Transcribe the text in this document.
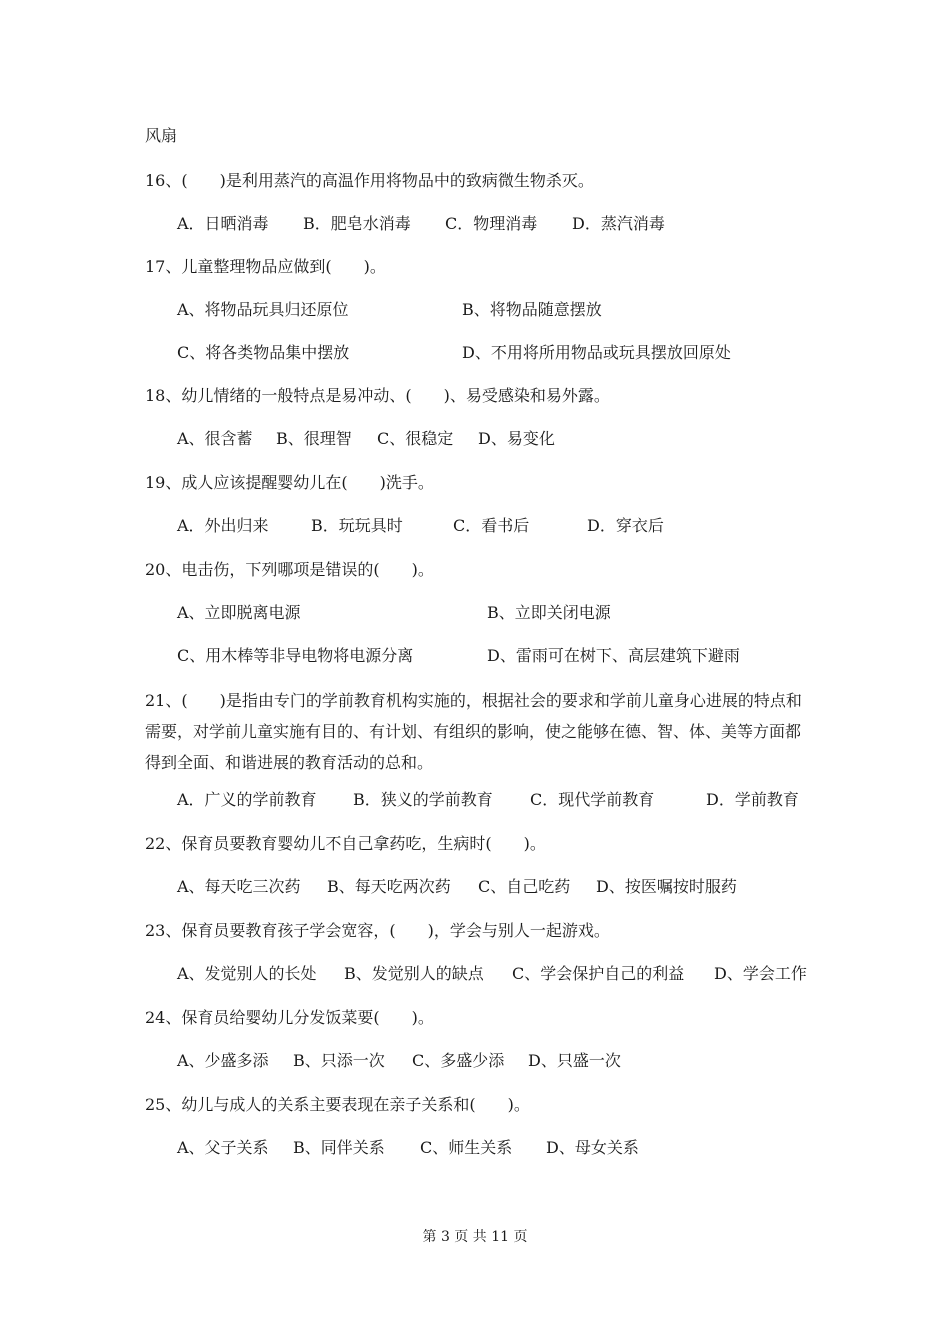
风扇
16、(　　)是利用蒸汽的高温作用将物品中的致病微生物杀灭。
A．日晒消毒 B．肥皂水消毒 C．物理消毒 D．蒸汽消毒
17、儿童整理物品应做到(　　)。
A、将物品玩具归还原位	B、将物品随意摆放
C、将各类物品集中摆放	D、不用将所用物品或玩具摆放回原处
18、幼儿情绪的一般特点是易冲动、(　　)、易受感染和易外露。
A、很含蓄 B、很理智 C、很稳定 D、易变化
19、成人应该提醒婴幼儿在(　　)洗手。
A．外出归来	B．玩玩具时	C．看书后	D．穿衣后
20、电击伤，下列哪项是错误的(　　)。
A、立即脱离电源	B、立即关闭电源
C、用木棒等非导电物将电源分离	D、雷雨可在树下、高层建筑下避雨
21、(　　)是指由专门的学前教育机构实施的，根据社会的要求和学前儿童身心进展的特点和需要，对学前儿童实施有目的、有计划、有组织的影响，使之能够在德、智、体、美等方面都得到全面、和谐进展的教育活动的总和。
A．广义的学前教育 B．狭义的学前教育 C．现代学前教育	D．学前教育
22、保育员要教育婴幼儿不自己拿药吃，生病时(　　)。
A、每天吃三次药 B、每天吃两次药 C、自己吃药 D、按医嘱按时服药
23、保育员要教育孩子学会宽容，(　　)，学会与别人一起游戏。
A、发觉别人的长处 B、发觉别人的缺点 C、学会保护自己的利益 D、学会工作
24、保育员给婴幼儿分发饭菜要(　　)。
A、少盛多添 B、只添一次 C、多盛少添 D、只盛一次
25、幼儿与成人的关系主要表现在亲子关系和(　　)。
A、父子关系 B、同伴关系 C、师生关系 D、母女关系
第 3 页 共 11 页
